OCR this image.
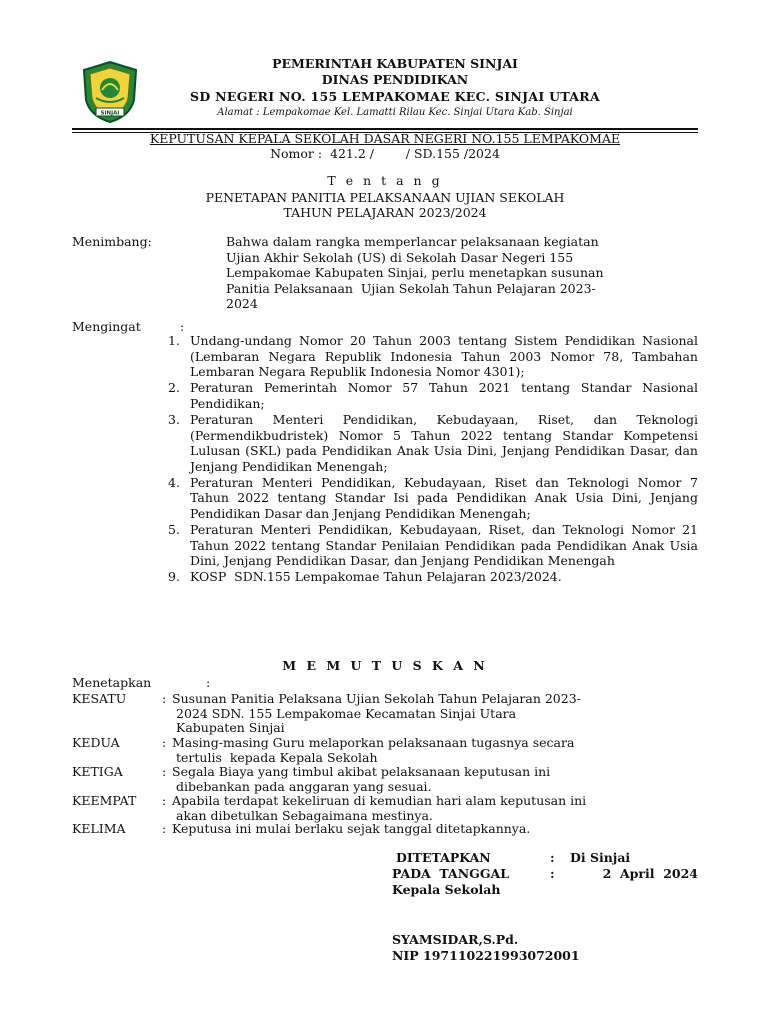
SINJAI
PEMERINTAH KABUPATEN SINJAI
DINAS PENDIDIKAN
SD NEGERI NO. 155 LEMPAKOMAE KEC. SINJAI UTARA
Alamat : Lempakomae Kel. Lamatti Rilau Kec. Sinjai Utara Kab. Sinjai
KEPUTUSAN KEPALA SEKOLAH DASAR NEGERI NO.155 LEMPAKOMAE
Nomor :  421.2 /        / SD.155 /2024
T e n t a n g
PENETAPAN PANITIA PELAKSANAAN UJIAN SEKOLAH
TAHUN PELAJARAN 2023/2024
Menimbang:	Bahwa dalam rangka memperlancar pelaksanaan kegiatan
Ujian Akhir Sekolah (US) di Sekolah Dasar Negeri 155
Lempakomae Kabupaten Sinjai, perlu menetapkan susunan
Panitia Pelaksanaan  Ujian Sekolah Tahun Pelajaran 2023-
2024
Mengingat	:
1. Undang-undang Nomor 20 Tahun 2003 tentang Sistem Pendidikan Nasional (Lembaran Negara Republik Indonesia Tahun 2003 Nomor 78, Tambahan Lembaran Negara Republik Indonesia Nomor 4301);
2. Peraturan Pemerintah Nomor 57 Tahun 2021 tentang Standar Nasional Pendidikan;
3. Peraturan Menteri Pendidikan, Kebudayaan, Riset, dan Teknologi (Permendikbudristek) Nomor 5 Tahun 2022 tentang Standar Kompetensi Lulusan (SKL) pada Pendidikan Anak Usia Dini, Jenjang Pendidikan Dasar, dan Jenjang Pendidikan Menengah;
4. Peraturan Menteri Pendidikan, Kebudayaan, Riset dan Teknologi Nomor 7 Tahun 2022 tentang Standar Isi pada Pendidikan Anak Usia Dini, Jenjang Pendidikan Dasar dan Jenjang Pendidikan Menengah;
5. Peraturan Menteri Pendidikan, Kebudayaan, Riset, dan Teknologi Nomor 21 Tahun 2022 tentang Standar Penilaian Pendidikan pada Pendidikan Anak Usia Dini, Jenjang Pendidikan Dasar, dan Jenjang Pendidikan Menengah
9. KOSP  SDN.155 Lempakomae Tahun Pelajaran 2023/2024.
M E M U T U S K A N
Menetapkan	:
KESATU	: Susunan Panitia Pelaksana Ujian Sekolah Tahun Pelajaran 2023-
2024 SDN. 155 Lempakomae Kecamatan Sinjai Utara
Kabupaten Sinjai
KEDUA	: Masing-masing Guru melaporkan pelaksanaan tugasnya secara
tertulis  kepada Kepala Sekolah
KETIGA	: Segala Biaya yang timbul akibat pelaksanaan keputusan ini
dibebankan pada anggaran yang sesuai.
KEEMPAT	: Apabila terdapat kekeliruan di kemudian hari alam keputusan ini
akan dibetulkan Sebagaimana mestinya.
KELIMA	: Keputusa ini mulai berlaku sejak tanggal ditetapkannya.
DITETAPKAN	:	Di Sinjai
PADA  TANGGAL	:	2  April  2024
Kepala Sekolah
SYAMSIDAR,S.Pd.
NIP 197110221993072001
